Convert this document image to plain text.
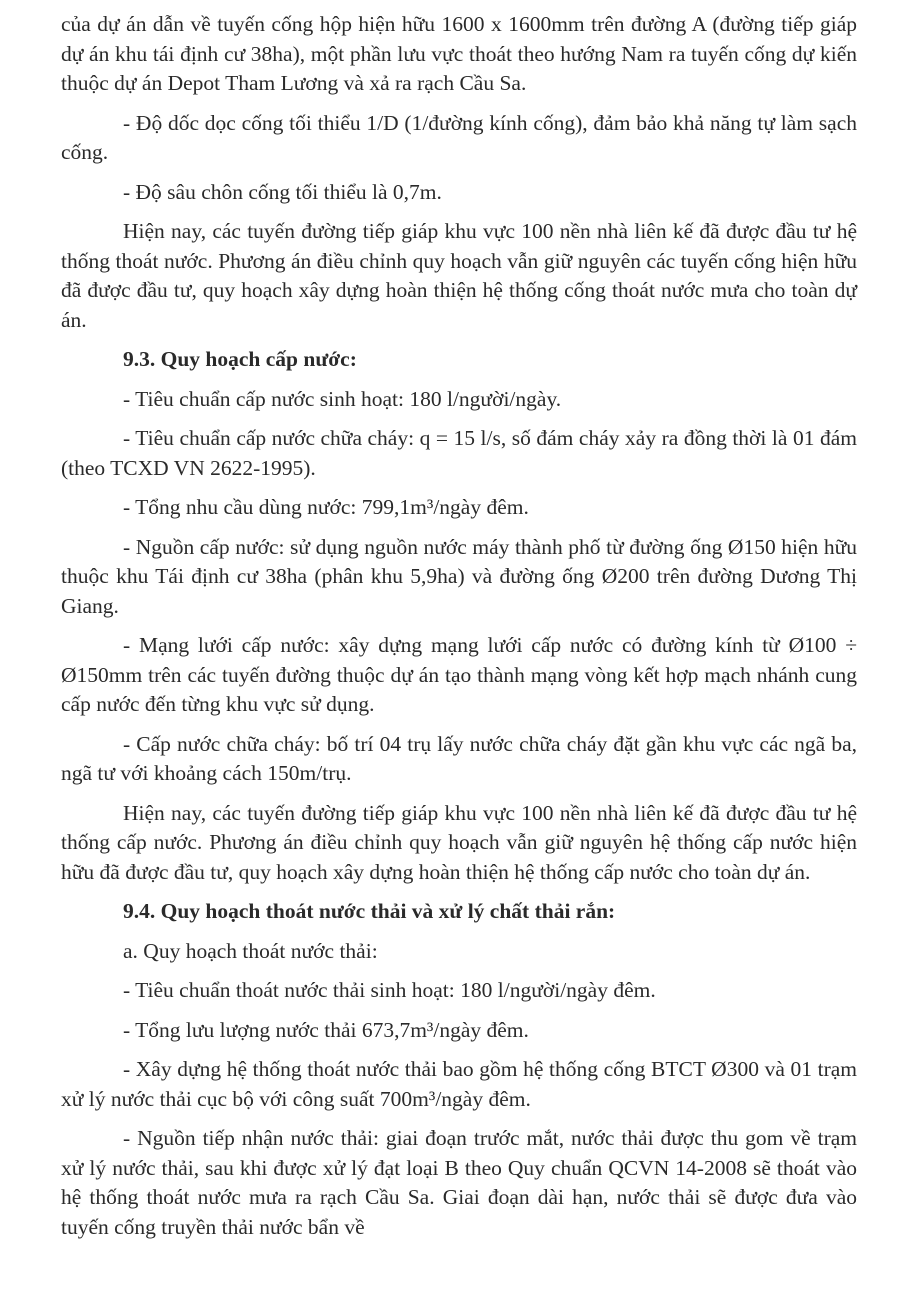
của dự án dẫn về tuyến cống hộp hiện hữu 1600 x 1600mm trên đường A (đường tiếp giáp dự án khu tái định cư 38ha), một phần lưu vực thoát theo hướng Nam ra tuyến cống dự kiến thuộc dự án Depot Tham Lương và xả ra rạch Cầu Sa.

- Độ dốc dọc cống tối thiểu 1/D (1/đường kính cống), đảm bảo khả năng tự làm sạch cống.

- Độ sâu chôn cống tối thiểu là 0,7m.

Hiện nay, các tuyến đường tiếp giáp khu vực 100 nền nhà liên kế đã được đầu tư hệ thống thoát nước. Phương án điều chỉnh quy hoạch vẫn giữ nguyên các tuyến cống hiện hữu đã được đầu tư, quy hoạch xây dựng hoàn thiện hệ thống cống thoát nước mưa cho toàn dự án.

9.3. Quy hoạch cấp nước:

- Tiêu chuẩn cấp nước sinh hoạt: 180 l/người/ngày.

- Tiêu chuẩn cấp nước chữa cháy: q = 15 l/s, số đám cháy xảy ra đồng thời là 01 đám (theo TCXD VN 2622-1995).

- Tổng nhu cầu dùng nước: 799,1m³/ngày đêm.

- Nguồn cấp nước: sử dụng nguồn nước máy thành phố từ đường ống Ø150 hiện hữu thuộc khu Tái định cư 38ha (phân khu 5,9ha) và đường ống Ø200 trên đường Dương Thị Giang.

- Mạng lưới cấp nước: xây dựng mạng lưới cấp nước có đường kính từ Ø100 ÷ Ø150mm trên các tuyến đường thuộc dự án tạo thành mạng vòng kết hợp mạch nhánh cung cấp nước đến từng khu vực sử dụng.

- Cấp nước chữa cháy: bố trí 04 trụ lấy nước chữa cháy đặt gần khu vực các ngã ba, ngã tư với khoảng cách 150m/trụ.

Hiện nay, các tuyến đường tiếp giáp khu vực 100 nền nhà liên kế đã được đầu tư hệ thống cấp nước. Phương án điều chỉnh quy hoạch vẫn giữ nguyên hệ thống cấp nước hiện hữu đã được đầu tư, quy hoạch xây dựng hoàn thiện hệ thống cấp nước cho toàn dự án.

9.4. Quy hoạch thoát nước thải và xử lý chất thải rắn:

a. Quy hoạch thoát nước thải:

- Tiêu chuẩn thoát nước thải sinh hoạt: 180 l/người/ngày đêm.

- Tổng lưu lượng nước thải 673,7m³/ngày đêm.

- Xây dựng hệ thống thoát nước thải bao gồm hệ thống cống BTCT Ø300 và 01 trạm xử lý nước thải cục bộ với công suất 700m³/ngày đêm.

- Nguồn tiếp nhận nước thải: giai đoạn trước mắt, nước thải được thu gom về trạm xử lý nước thải, sau khi được xử lý đạt loại B theo Quy chuẩn QCVN 14-2008 sẽ thoát vào hệ thống thoát nước mưa ra rạch Cầu Sa. Giai đoạn dài hạn, nước thải sẽ được đưa vào tuyến cống truyền thải nước bẩn về
